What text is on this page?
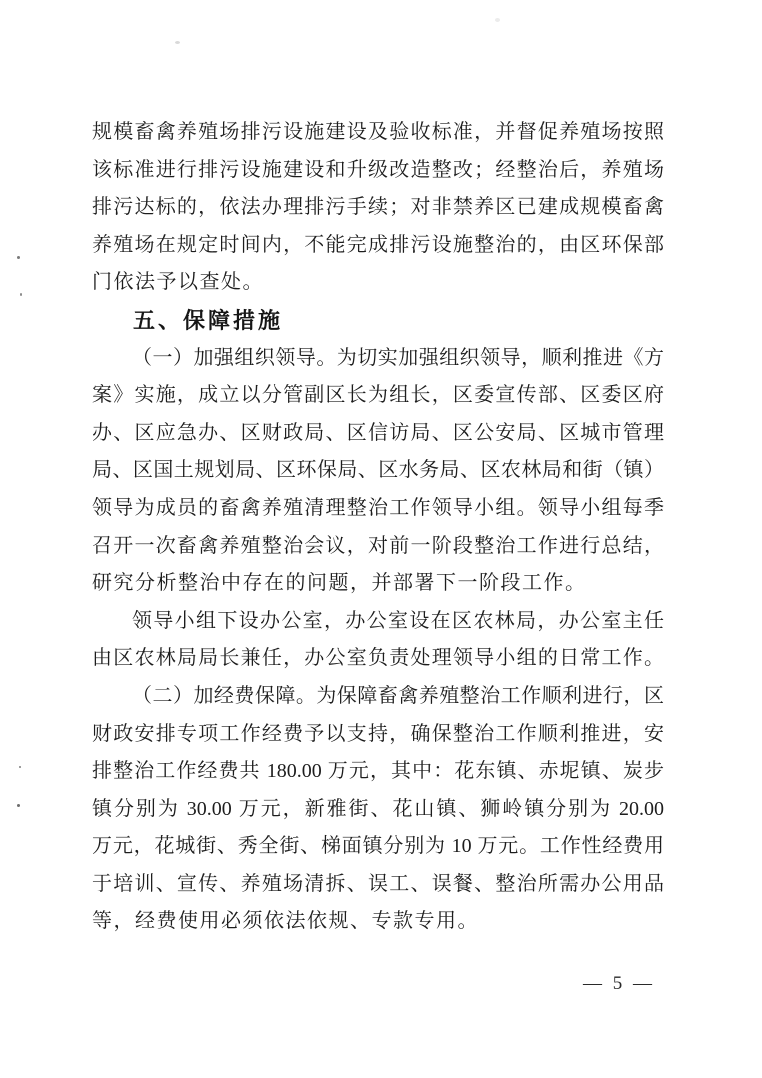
规模畜禽养殖场排污设施建设及验收标准，并督促养殖场按照
该标准进行排污设施建设和升级改造整改；经整治后，养殖场
排污达标的，依法办理排污手续；对非禁养区已建成规模畜禽
养殖场在规定时间内，不能完成排污设施整治的，由区环保部
门依法予以查处。
五、保障措施
（一）加强组织领导。为切实加强组织领导，顺利推进《方
案》实施，成立以分管副区长为组长，区委宣传部、区委区府
办、区应急办、区财政局、区信访局、区公安局、区城市管理
局、区国土规划局、区环保局、区水务局、区农林局和街（镇）
领导为成员的畜禽养殖清理整治工作领导小组。领导小组每季
召开一次畜禽养殖整治会议，对前一阶段整治工作进行总结，
研究分析整治中存在的问题，并部署下一阶段工作。
领导小组下设办公室，办公室设在区农林局，办公室主任
由区农林局局长兼任，办公室负责处理领导小组的日常工作。
（二）加经费保障。为保障畜禽养殖整治工作顺利进行，区
财政安排专项工作经费予以支持，确保整治工作顺利推进，安
排整治工作经费共 180.00 万元，其中：花东镇、赤坭镇、炭步
镇分别为 30.00 万元，新雅街、花山镇、狮岭镇分别为 20.00
万元，花城街、秀全街、梯面镇分别为 10 万元。工作性经费用
于培训、宣传、养殖场清拆、误工、误餐、整治所需办公用品
等，经费使用必须依法依规、专款专用。
— 5 —
